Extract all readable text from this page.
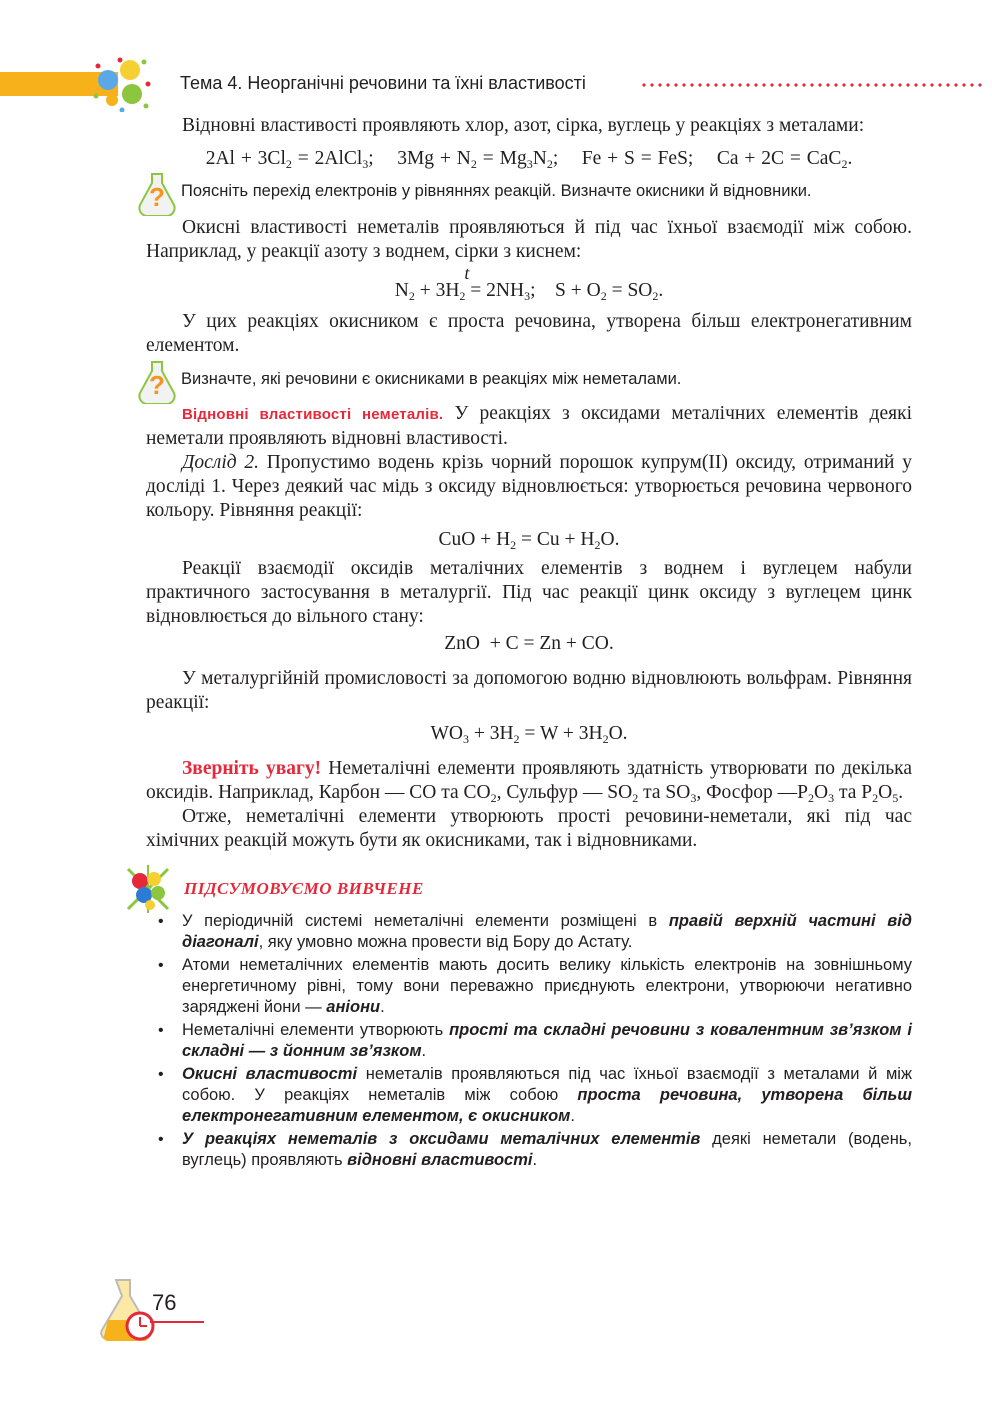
Тема 4. Неорганічні речовини та їхні властивості

Відновні властивості проявляють хлор, азот, сірка, вуглець у реакціях з металами:

$2Al + 3Cl_2$ = 2AlCl$_3$; $3Mg + N_2 = Mg_3N_2$; Fe + S = FeS; Ca + 2C = CaC$_2$.
? Поясніть перехід електронів у рівняннях реакцій. Визначте окисники й відновники.

Окисні властивості неметалів проявляються й під час їхньої взаємодії між собою. Наприклад, у реакції азоту з воднем, сірки з киснем:

$N_2 + 3H_2$
t
= $2NH_3$; $S + O_2 = SO_2$.

У цих реакціях окисником є проста речовина, утворена більш електронегативним елементом.

? Визначте, які речовини є окисниками в реакціях між неметалами.

Відновні властивості неметалів. У реакціях з оксидами металічних елементів деякі неметали проявляють відновні властивості.

Дослід 2. Пропустимо водень крізь чорний порошок купрум(ІІ) оксиду, отриманий у досліді 1. Через деякий час мідь з оксиду відновлюється: утворюється речовина червоного кольору. Рівняння реакції:

CuO + $H_2 = Cu + H_2O$.

Реакції взаємодії оксидів металічних елементів з воднем і вуглецем набули практичного застосування в металургії. Під час реакції цинк оксиду з вуглецем цинк відновлюється до вільного стану:

ZnO  + C = Zn + CO.

У металургійній промисловості за допомогою водню відновлюють вольфрам. Рівняння реакції:

$WO_3 + 3H_2 = W + 3H_2O$.

Зверніть увагу! Неметалічні елементи проявляють здатність утворювати по декілька оксидів. Наприклад, Карбон — СО та $СО_2$, Сульфур — $SO_2$ та $SO_3$, Фосфор $—Р_2О_3$ та $Р_2О_5$.

Отже, неметалічні елементи утворюють прості речовини-неметали, які під час хімічних реакцій можуть бути як окисниками, так і відновниками.

ПІДСУМОВУЄМО ВИВЧЕНЕ

• У періодичній системі неметалічні елементи розміщені в правій верхній частині від діагоналі, яку умовно можна провести від Бору до Астату.

• Атоми неметалічних елементів мають досить велику кількість електронів на зовнішньому енергетичному рівні, тому вони переважно приєднують електрони, утворюючи негативно заряджені йони — аніони.

• Неметалічні елементи утворюють прості та складні речовини з ковалентним зв’язком і складні — з йонним зв’язком.

• Окисні властивості неметалів проявляються під час їхньої взаємодії з металами й між собою. У реакціях неметалів між собою проста речовина, утворена більш електронегативним елементом, є окисником.

• У реакціях неметалів з оксидами металічних елементів деякі неметали (водень, вуглець) проявляють відновні властивості.

76
